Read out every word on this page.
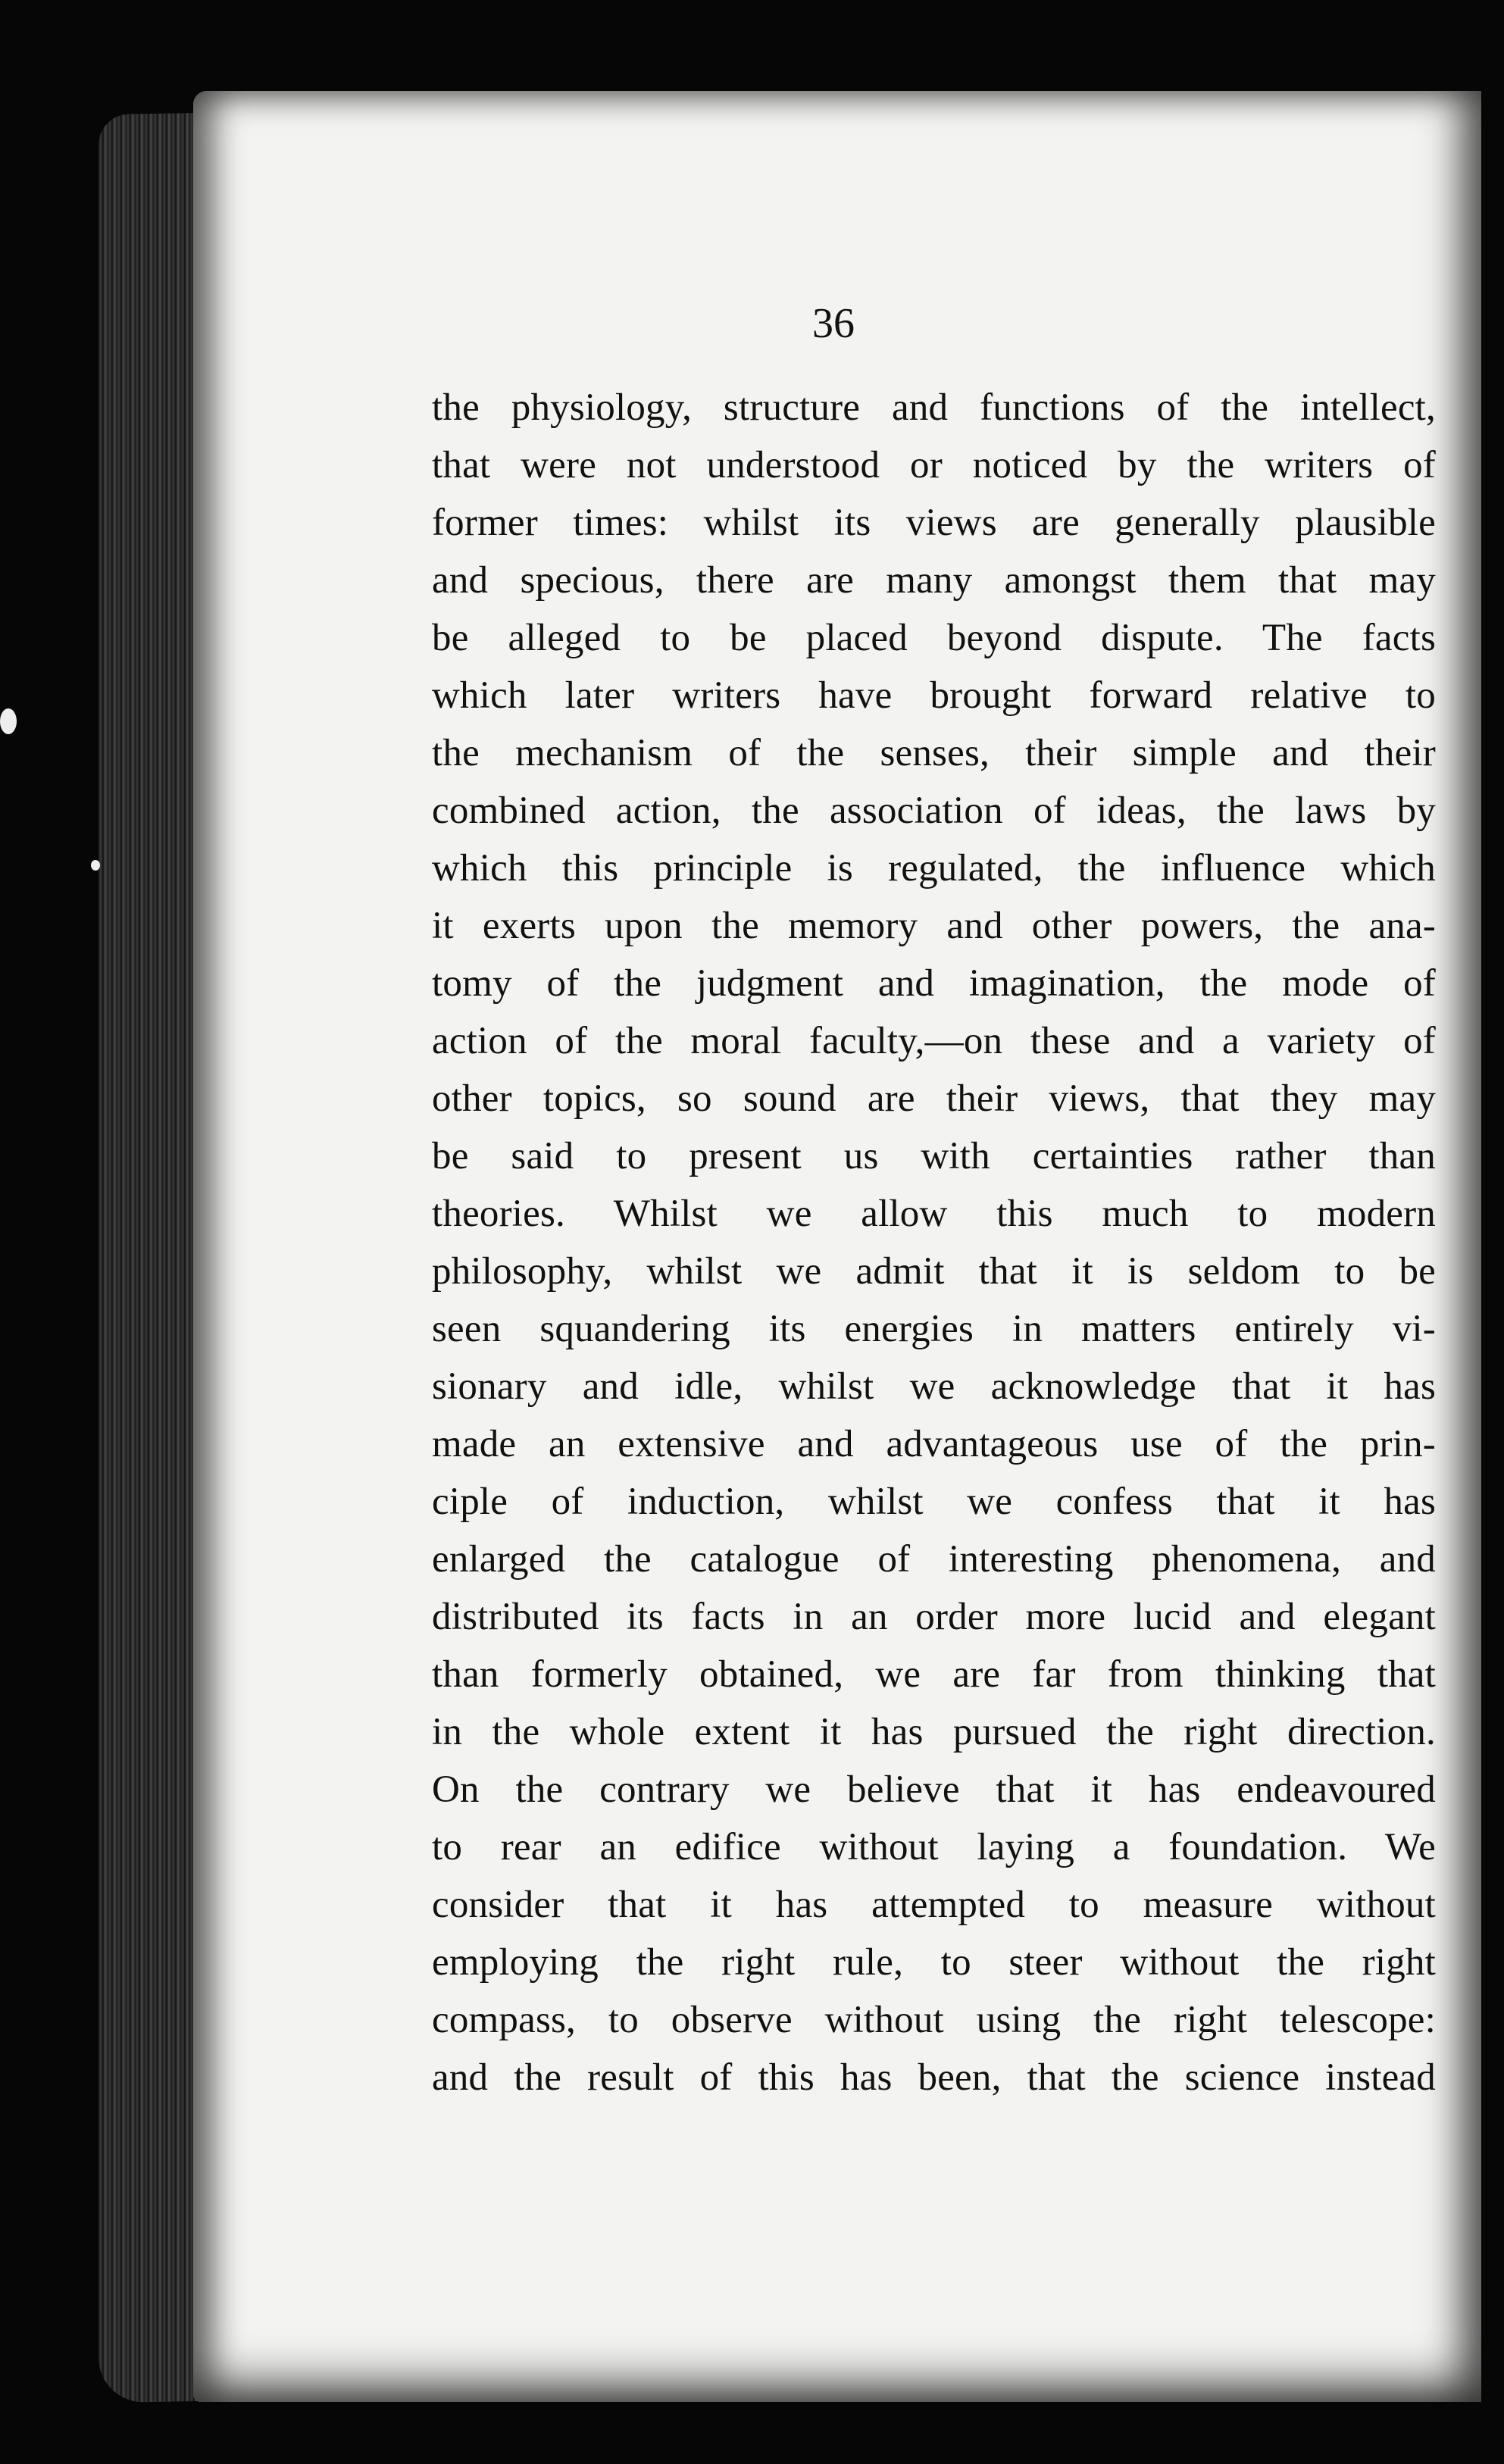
36
the physiology, structure and functions of the intellect,
that were not understood or noticed by the writers of
former times: whilst its views are generally plausible
and specious, there are many amongst them that may
be alleged to be placed beyond dispute. The facts
which later writers have brought forward relative to
the mechanism of the senses, their simple and their
combined action, the association of ideas, the laws by
which this principle is regulated, the influence which
it exerts upon the memory and other powers, the ana-
tomy of the judgment and imagination, the mode of
action of the moral faculty,—on these and a variety of
other topics, so sound are their views, that they may
be said to present us with certainties rather than
theories. Whilst we allow this much to modern
philosophy, whilst we admit that it is seldom to be
seen squandering its energies in matters entirely vi-
sionary and idle, whilst we acknowledge that it has
made an extensive and advantageous use of the prin-
ciple of induction, whilst we confess that it has
enlarged the catalogue of interesting phenomena, and
distributed its facts in an order more lucid and elegant
than formerly obtained, we are far from thinking that
in the whole extent it has pursued the right direction.
On the contrary we believe that it has endeavoured
to rear an edifice without laying a foundation. We
consider that it has attempted to measure without
employing the right rule, to steer without the right
compass, to observe without using the right telescope:
and the result of this has been, that the science instead
